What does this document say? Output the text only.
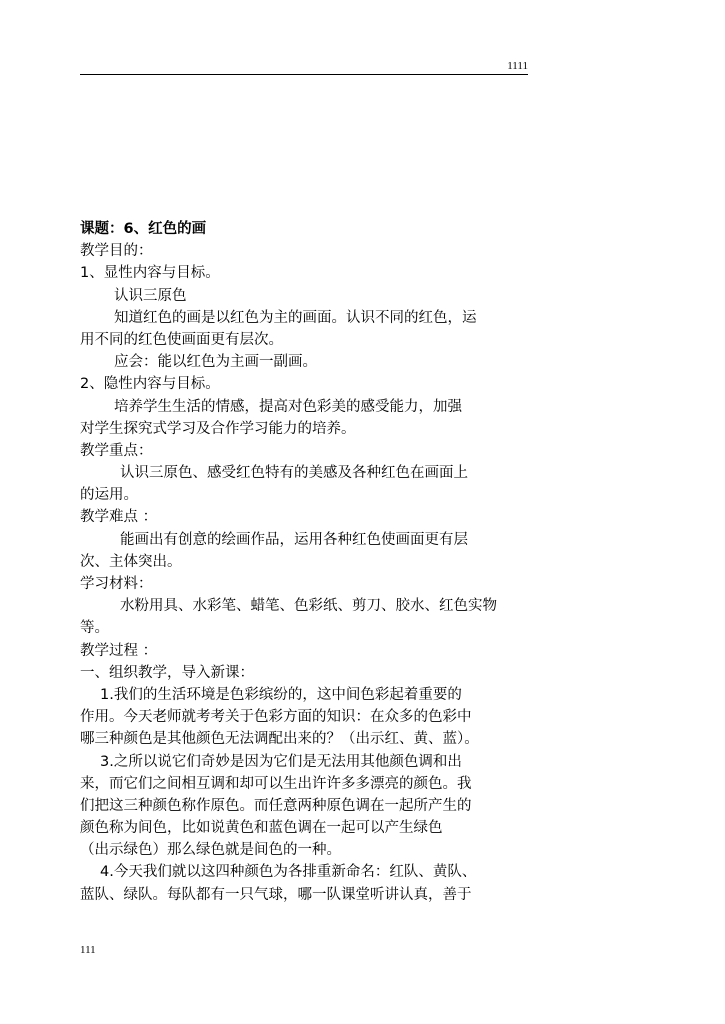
1111
课题：6、红色的画
教学目的：
1、显性内容与目标。
认识三原色
知道红色的画是以红色为主的画面。认识不同的红色，运
用不同的红色使画面更有层次。
应会：能以红色为主画一副画。
2、隐性内容与目标。
培养学生生活的情感，提高对色彩美的感受能力，加强
对学生探究式学习及合作学习能力的培养。
教学重点：
认识三原色、感受红色特有的美感及各种红色在画面上
的运用。
教学难点 ：
能画出有创意的绘画作品，运用各种红色使画面更有层
次、主体突出。
学习材料：
水粉用具、水彩笔、蜡笔、色彩纸、剪刀、胶水、红色实物
等。
教学过程 ：
一、组织教学，导入新课：
1.我们的生活环境是色彩缤纷的，这中间色彩起着重要的
作用。今天老师就考考关于色彩方面的知识：在众多的色彩中
哪三种颜色是其他颜色无法调配出来的？（出示红、黄、蓝）。
3.之所以说它们奇妙是因为它们是无法用其他颜色调和出
来，而它们之间相互调和却可以生出许许多多漂亮的颜色。我
们把这三种颜色称作原色。而任意两种原色调在一起所产生的
颜色称为间色，比如说黄色和蓝色调在一起可以产生绿色
（出示绿色）那么绿色就是间色的一种。
4.今天我们就以这四种颜色为各排重新命名：红队、黄队、
蓝队、绿队。每队都有一只气球，哪一队课堂听讲认真，善于
111
